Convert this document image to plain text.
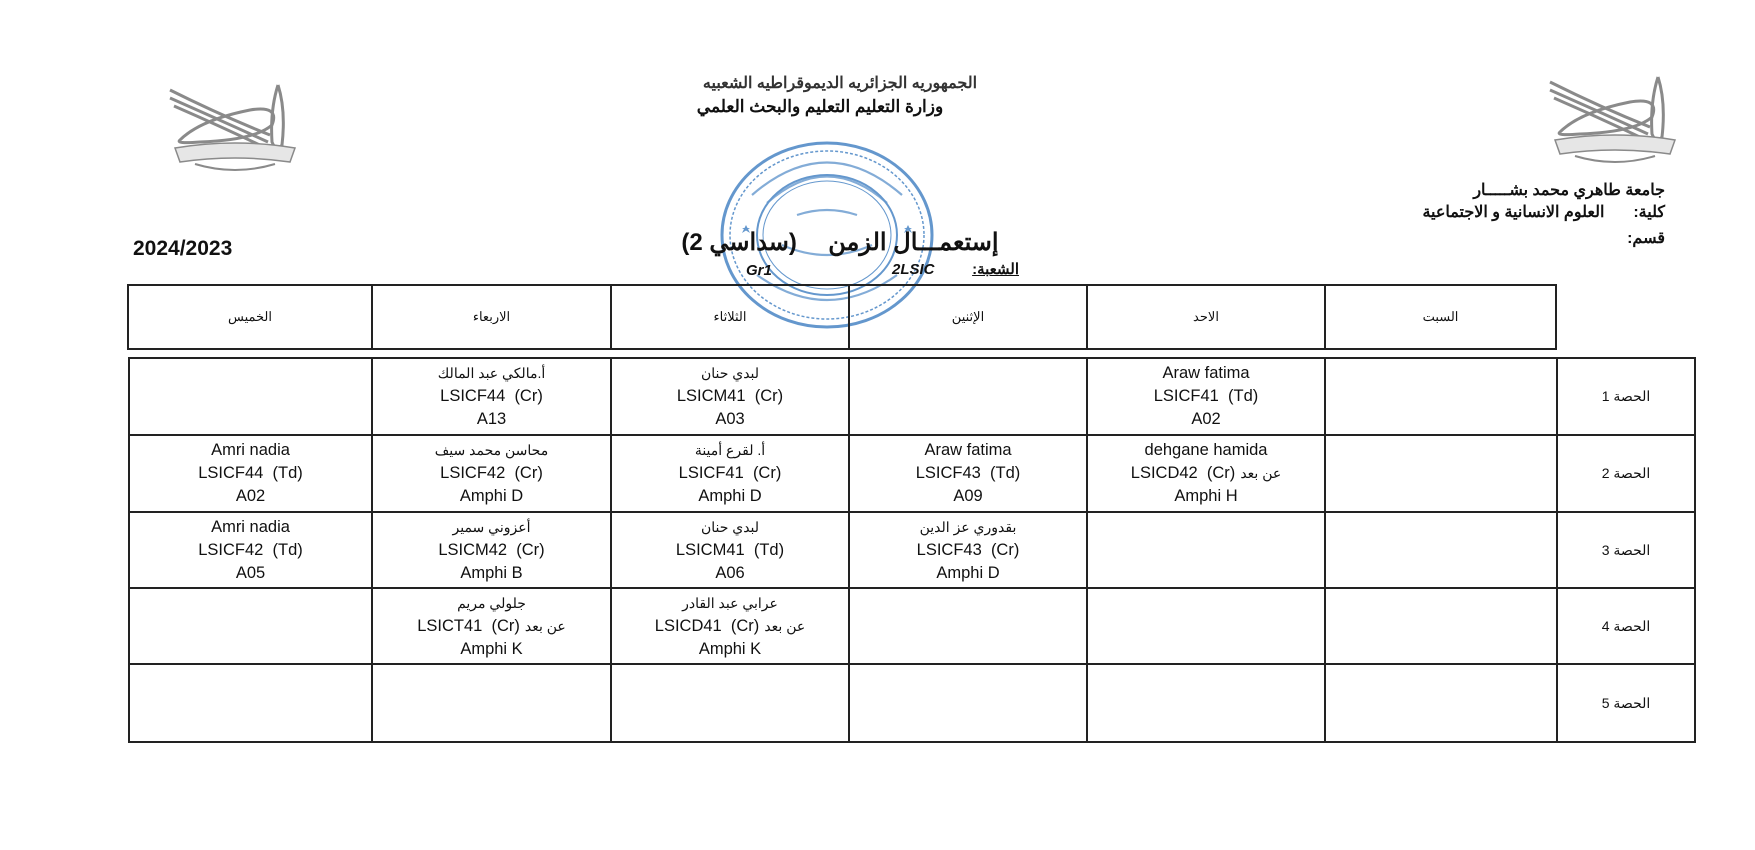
الجمهوريه الجزائريه الديموقراطيه الشعبيه
وزارة التعليم التعليم والبحث العلمي
جامعة طاهري محمد بشـــــار
كلية:  العلوم الانسانية و الاجتماعية
قسم:
2024/2023	إستعمـــال الزمن  (سداسي 2)
الشعبة:
2LSIC
Gr1
الخميس	الاربعاء	الثلاثاء	الإثنين	الاحد	السبت

	أ.مالكي عبد المالك
LSICF44  (Cr)
A13	لبدي حنان
LSICM41  (Cr)
A03		Araw fatima
LSICF41  (Td)
A02		الحصة 1

Amri nadia
LSICF44  (Td)
A02	محاسن محمد سيف
LSICF42  (Cr)
Amphi D	أ. لقرع أمينة
LSICF41  (Cr)
Amphi D	Araw fatima
LSICF43  (Td)
A09	dehgane hamida
LSICD42  (Cr) عن بعد
Amphi H		الحصة 2

Amri nadia
LSICF42  (Td)
A05	أعزوني سمير
LSICM42  (Cr)
Amphi B	لبدي حنان
LSICM41  (Td)
A06	بقدوري عز الدين
LSICF43  (Cr)
Amphi D			الحصة 3

	جلولي مريم
LSICT41  (Cr) عن بعد
Amphi K	عرابي عبد القادر
LSICD41  (Cr) عن بعد
Amphi K				الحصة 4
						الحصة 5
